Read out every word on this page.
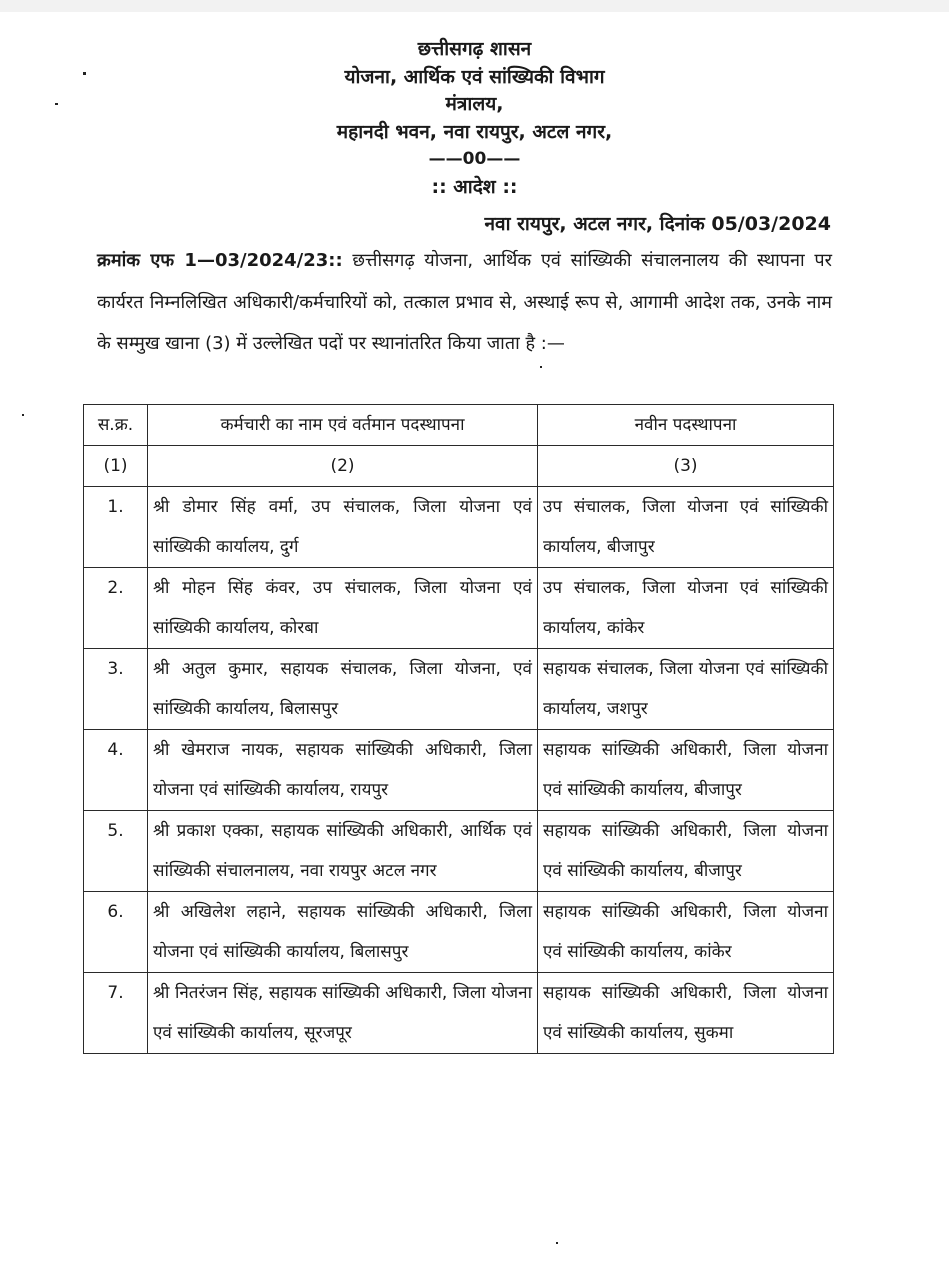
छत्तीसगढ़ शासन
योजना, आर्थिक एवं सांख्यिकी विभाग
मंत्रालय,
महानदी भवन, नवा रायपुर, अटल नगर,
——00——
:: आदेश ::
नवा रायपुर, अटल नगर, दिनांक 05/03/2024
क्रमांक एफ 1—03/2024/23:: छत्तीसगढ़ योजना, आर्थिक एवं सांख्यिकी संचालनालय की स्थापना पर कार्यरत निम्नलिखित अधिकारी/कर्मचारियों को, तत्काल प्रभाव से, अस्थाई रूप से, आगामी आदेश तक, उनके नाम के सम्मुख खाना (3) में उल्लेखित पदों पर स्थानांतरित किया जाता है :—
स.क्र.	कर्मचारी का नाम एवं वर्तमान पदस्थापना	नवीन पदस्थापना
(1)	(2)	(3)
1.	श्री डोमार सिंह वर्मा, उप संचालक, जिला योजना एवं सांख्यिकी कार्यालय, दुर्ग	उप संचालक, जिला योजना एवं सांख्यिकी कार्यालय, बीजापुर
2.	श्री मोहन सिंह कंवर, उप संचालक, जिला योजना एवं सांख्यिकी कार्यालय, कोरबा	उप संचालक, जिला योजना एवं सांख्यिकी कार्यालय, कांकेर
3.	श्री अतुल कुमार, सहायक संचालक, जिला योजना, एवं सांख्यिकी कार्यालय, बिलासपुर	सहायक संचालक, जिला योजना एवं सांख्यिकी कार्यालय, जशपुर
4.	श्री खेमराज नायक, सहायक सांख्यिकी अधिकारी, जिला योजना एवं सांख्यिकी कार्यालय, रायपुर	सहायक सांख्यिकी अधिकारी, जिला योजना एवं सांख्यिकी कार्यालय, बीजापुर
5.	श्री प्रकाश एक्का, सहायक सांख्यिकी अधिकारी, आर्थिक एवं सांख्यिकी संचालनालय, नवा रायपुर अटल नगर	सहायक सांख्यिकी अधिकारी, जिला योजना एवं सांख्यिकी कार्यालय, बीजापुर
6.	श्री अखिलेश लहाने, सहायक सांख्यिकी अधिकारी, जिला योजना एवं सांख्यिकी कार्यालय, बिलासपुर	सहायक सांख्यिकी अधिकारी, जिला योजना एवं सांख्यिकी कार्यालय, कांकेर
7.	श्री नितरंजन सिंह, सहायक सांख्यिकी अधिकारी, जिला योजना एवं सांख्यिकी कार्यालय, सूरजपूर	सहायक सांख्यिकी अधिकारी, जिला योजना एवं सांख्यिकी कार्यालय, सुकमा
